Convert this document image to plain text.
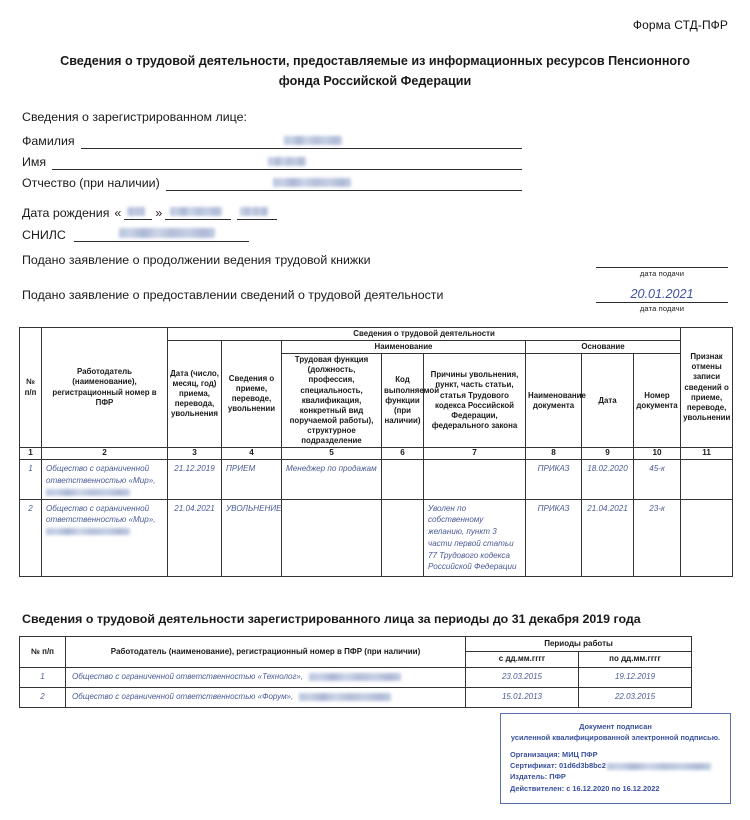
Форма СТД-ПФР
Сведения о трудовой деятельности, предоставляемые из информационных ресурсов Пенсионного фонда Российской Федерации
Сведения о зарегистрированном лице:
Фамилия
Имя
Отчество (при наличии)
Дата рождения «	»
СНИЛС
Подано заявление о продолжении ведения трудовой книжки
дата подачи
Подано заявление о предоставлении сведений о трудовой деятельности	20.01.2021
дата подачи
№ п/п	Работодатель (наименование), регистрационный номер в ПФР	Сведения о трудовой деятельности								Признак отмены записи сведений о приеме, переводе, увольнении
		Дата (число, месяц, год) приема, перевода, увольнения	Сведения о приеме, переводе, увольнении	Наименование			Основание			
				Трудовая функция (должность, профессия, специальность, квалификация, конкретный вид поручаемой работы), структурное подразделение	Код выполняемой функции (при наличии)	Причины увольнения, пункт, часть статьи, статья Трудового кодекса Российской Федерации, федерального закона	Наименование документа	Дата	Номер документа	
1	2	3	4	5	6	7	8	9	10	11
1	Общество с ограниченной ответственностью «Мир»,	21.12.2019	ПРИЕМ	Менеджер по продажам			ПРИКАЗ	18.02.2020	45-к	
2	Общество с ограниченной ответственностью «Мир»,	21.04.2021	УВОЛЬНЕНИЕ			Уволен по собственному желанию, пункт 3 части первой статьи 77 Трудового кодекса Российской Федерации	ПРИКАЗ	21.04.2021	23-к	
Сведения о трудовой деятельности зарегистрированного лица за периоды до 31 декабря 2019 года
№ п/п	Работодатель (наименование), регистрационный номер в ПФР (при наличии)	Периоды работы	
		с дд.мм.гггг	по дд.мм.гггг
1	Общество с ограниченной ответственностью «Технолог»,	23.03.2015	19.12.2019
2	Общество с ограниченной ответственностью «Форум»,	15.01.2013	22.03.2015
Документ подписан
усиленной квалифицированной электронной подписью.
Организация: МИЦ ПФР
Сертификат: 01d6d3b8bc2
Издатель: ПФР
Действителен: с 16.12.2020 по 16.12.2022
